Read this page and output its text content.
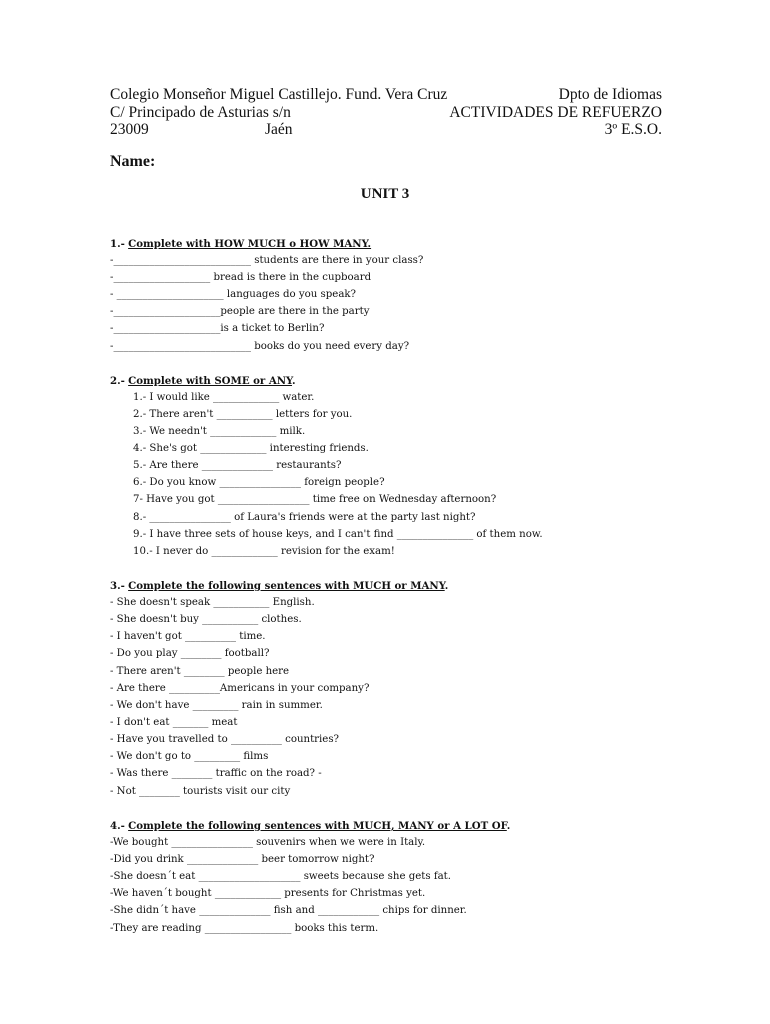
Colegio Monseñor Miguel Castillejo. Fund. Vera Cruz	Dpto de Idiomas
C/ Principado de Asturias s/n	ACTIVIDADES DE REFUERZO
23009	Jaén	3º E.S.O.
Name:
UNIT 3
1.- Complete with HOW MUCH o HOW MANY.
-___________________________ students are there in your class?
-___________________ bread is there in the cupboard
- _____________________ languages do you speak?
-_____________________people are there in the party
-_____________________is a ticket to Berlin?
-___________________________ books do you need every day?
2.- Complete with SOME or ANY.
1.- I would like _____________ water.
2.- There aren't ___________ letters for you.
3.- We needn't _____________ milk.
4.- She's got _____________ interesting friends.
5.- Are there ______________ restaurants?
6.- Do you know ________________ foreign people?
7- Have you got __________________ time free on Wednesday afternoon?
8.- ________________ of Laura's friends were at the party last night?
9.- I have three sets of house keys, and I can't find _______________ of them now.
10.- I never do _____________ revision for the exam!
3.- Complete the following sentences with MUCH or MANY.
- She doesn't speak ___________ English.
- She doesn't buy ___________ clothes.
- I haven't got __________ time.
- Do you play ________ football?
- There aren't ________ people here
- Are there __________Americans in your company?
- We don't have _________ rain in summer.
- I don't eat _______ meat
- Have you travelled to __________ countries?
- We don't go to _________ films
- Was there ________ traffic on the road? -
- Not ________ tourists visit our city
4.- Complete the following sentences with MUCH, MANY or A LOT OF.
-We bought ________________ souvenirs when we were in Italy.
-Did you drink ______________ beer tomorrow night?
-She doesn´t eat ____________________ sweets because she gets fat.
-We haven´t bought _____________ presents for Christmas yet.
-She didn´t have ______________ fish and ____________ chips for dinner.
-They are reading _________________ books this term.
